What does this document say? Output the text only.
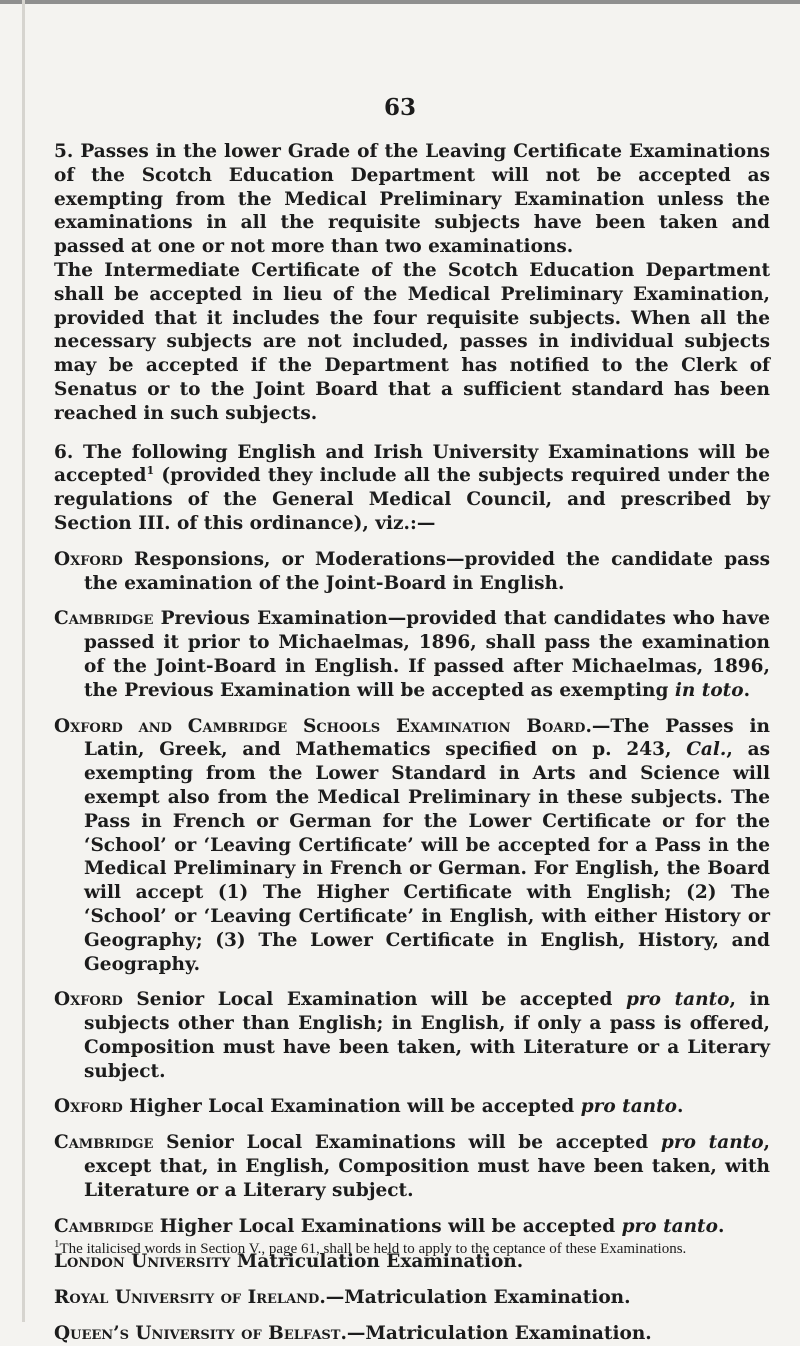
63

5. Passes in the lower Grade of the Leaving Certificate Examinations of the Scotch Education Department will not be accepted as exempting from the Medical Preliminary Examination unless the examinations in all the requisite subjects have been taken and passed at one or not more than two examinations.

The Intermediate Certificate of the Scotch Education Department shall be accepted in lieu of the Medical Preliminary Examination, provided that it includes the four requisite subjects. When all the necessary subjects are not included, passes in individual subjects may be accepted if the Department has notified to the Clerk of Senatus or to the Joint Board that a sufficient standard has been reached in such subjects.

6. The following English and Irish University Examinations will be accepted$^1$ (provided they include all the subjects required under the regulations of the General Medical Council, and prescribed by Section III. of this ordinance), viz.:—

Oxford Responsions, or Moderations—provided the candidate pass the examination of the Joint-Board in English.

Cambridge Previous Examination—provided that candidates who have passed it prior to Michaelmas, 1896, shall pass the examination of the Joint-Board in English. If passed after Michaelmas, 1896, the Previous Examination will be accepted as exempting in toto.

Oxford and Cambridge Schools Examination Board.—The Passes in Latin, Greek, and Mathematics specified on p. 243, Cal., as exempting from the Lower Standard in Arts and Science will exempt also from the Medical Preliminary in these subjects. The Pass in French or German for the Lower Certificate or for the ‘School’ or ‘Leaving Certificate’ will be accepted for a Pass in the Medical Preliminary in French or German. For English, the Board will accept (1) The Higher Certificate with English; (2) The ‘School’ or ‘Leaving Certificate’ in English, with either History or Geography; (3) The Lower Certificate in English, History, and Geography.

Oxford Senior Local Examination will be accepted pro tanto, in subjects other than English; in English, if only a pass is offered, Composition must have been taken, with Literature or a Literary subject.

Oxford Higher Local Examination will be accepted pro tanto.

Cambridge Senior Local Examinations will be accepted pro tanto, except that, in English, Composition must have been taken, with Literature or a Literary subject.

Cambridge Higher Local Examinations will be accepted pro tanto.

London University Matriculation Examination.

Royal University of Ireland.—Matriculation Examination.

Queen’s University of Belfast.—Matriculation Examination.

$^1$The italicised words in Section V., page 61, shall be held to apply to the ceptance of these Examinations.
